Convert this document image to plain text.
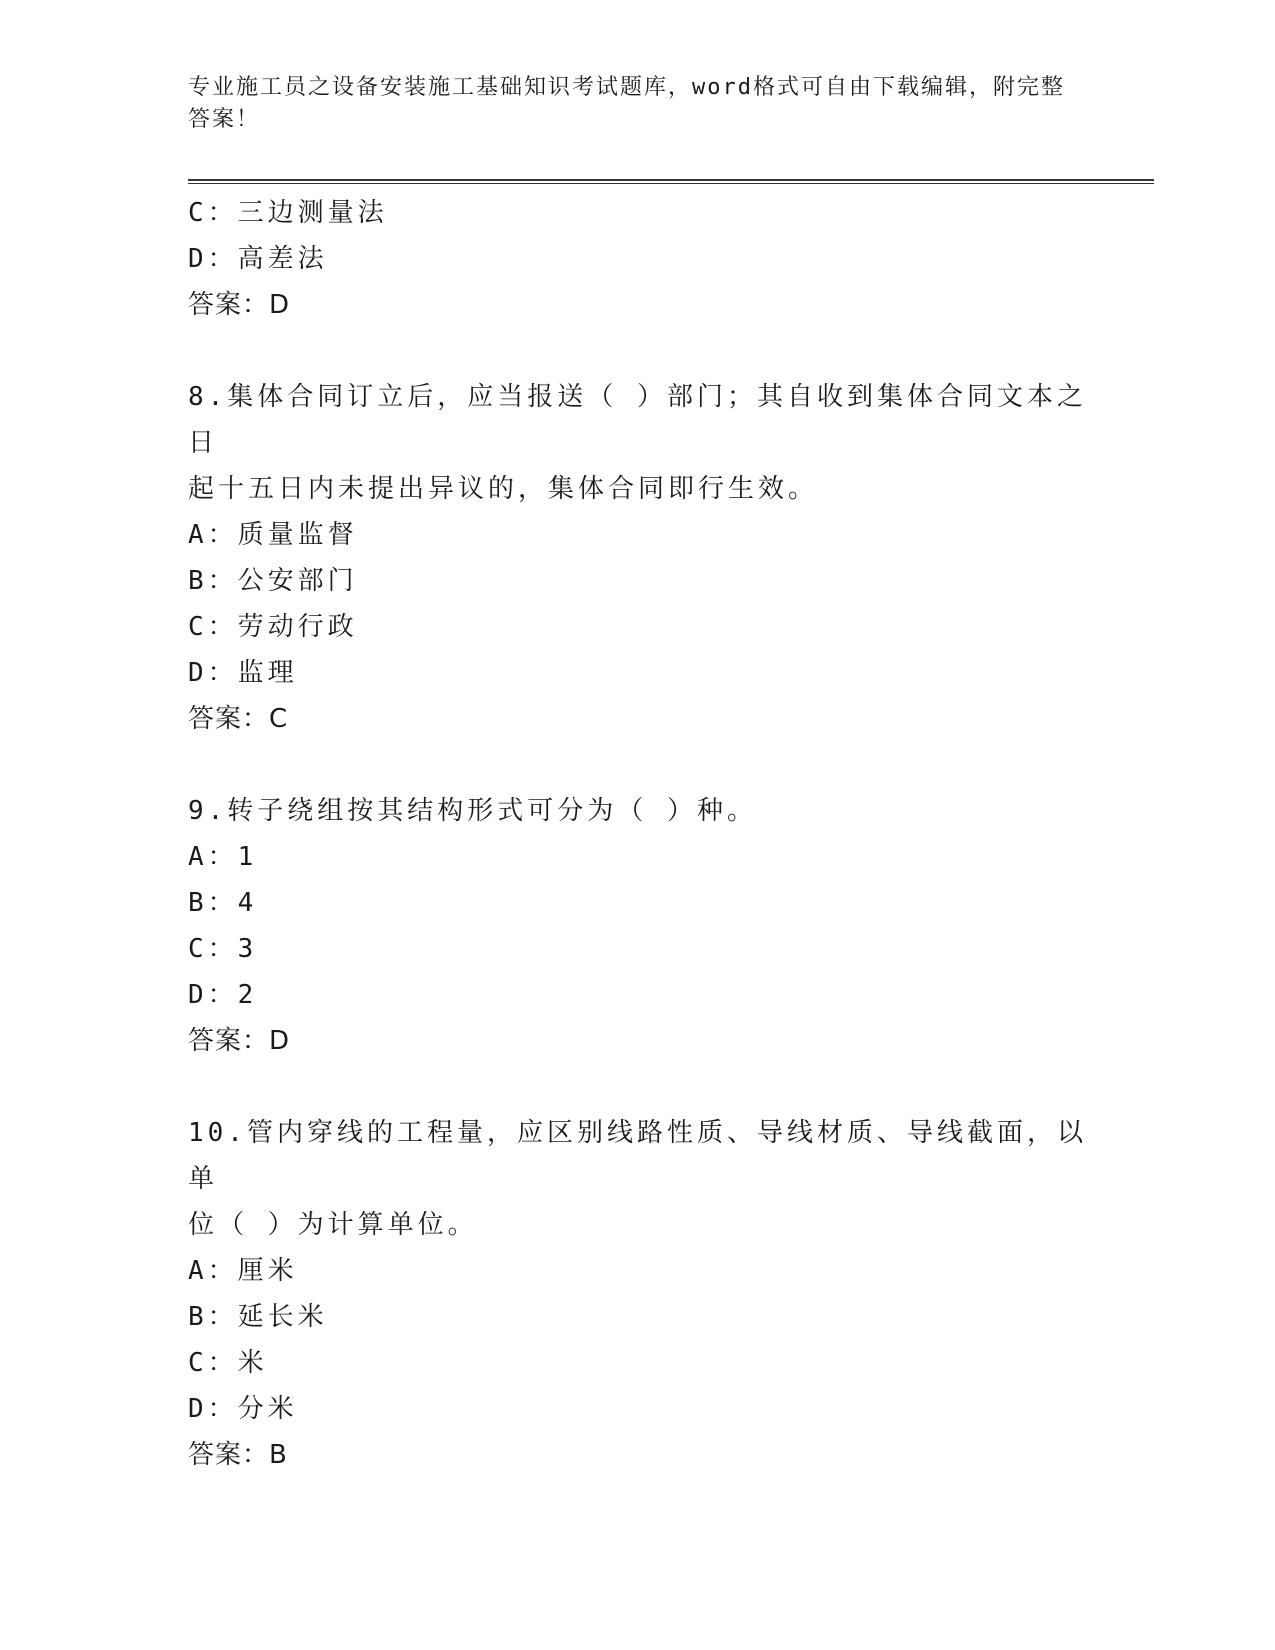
专业施工员之设备安装施工基础知识考试题库，word格式可自由下载编辑，附完整答案！
C：三边测量法
D：高差法
答案：D
8.集体合同订立后，应当报送（ ）部门；其自收到集体合同文本之日
起十五日内未提出异议的，集体合同即行生效。
A：质量监督
B：公安部门
C：劳动行政
D：监理
答案：C
9.转子绕组按其结构形式可分为（ ）种。
A：1
B：4
C：3
D：2
答案：D
10.管内穿线的工程量，应区别线路性质、导线材质、导线截面，以单
位（ ）为计算单位。
A：厘米
B：延长米
C：米
D：分米
答案：B
